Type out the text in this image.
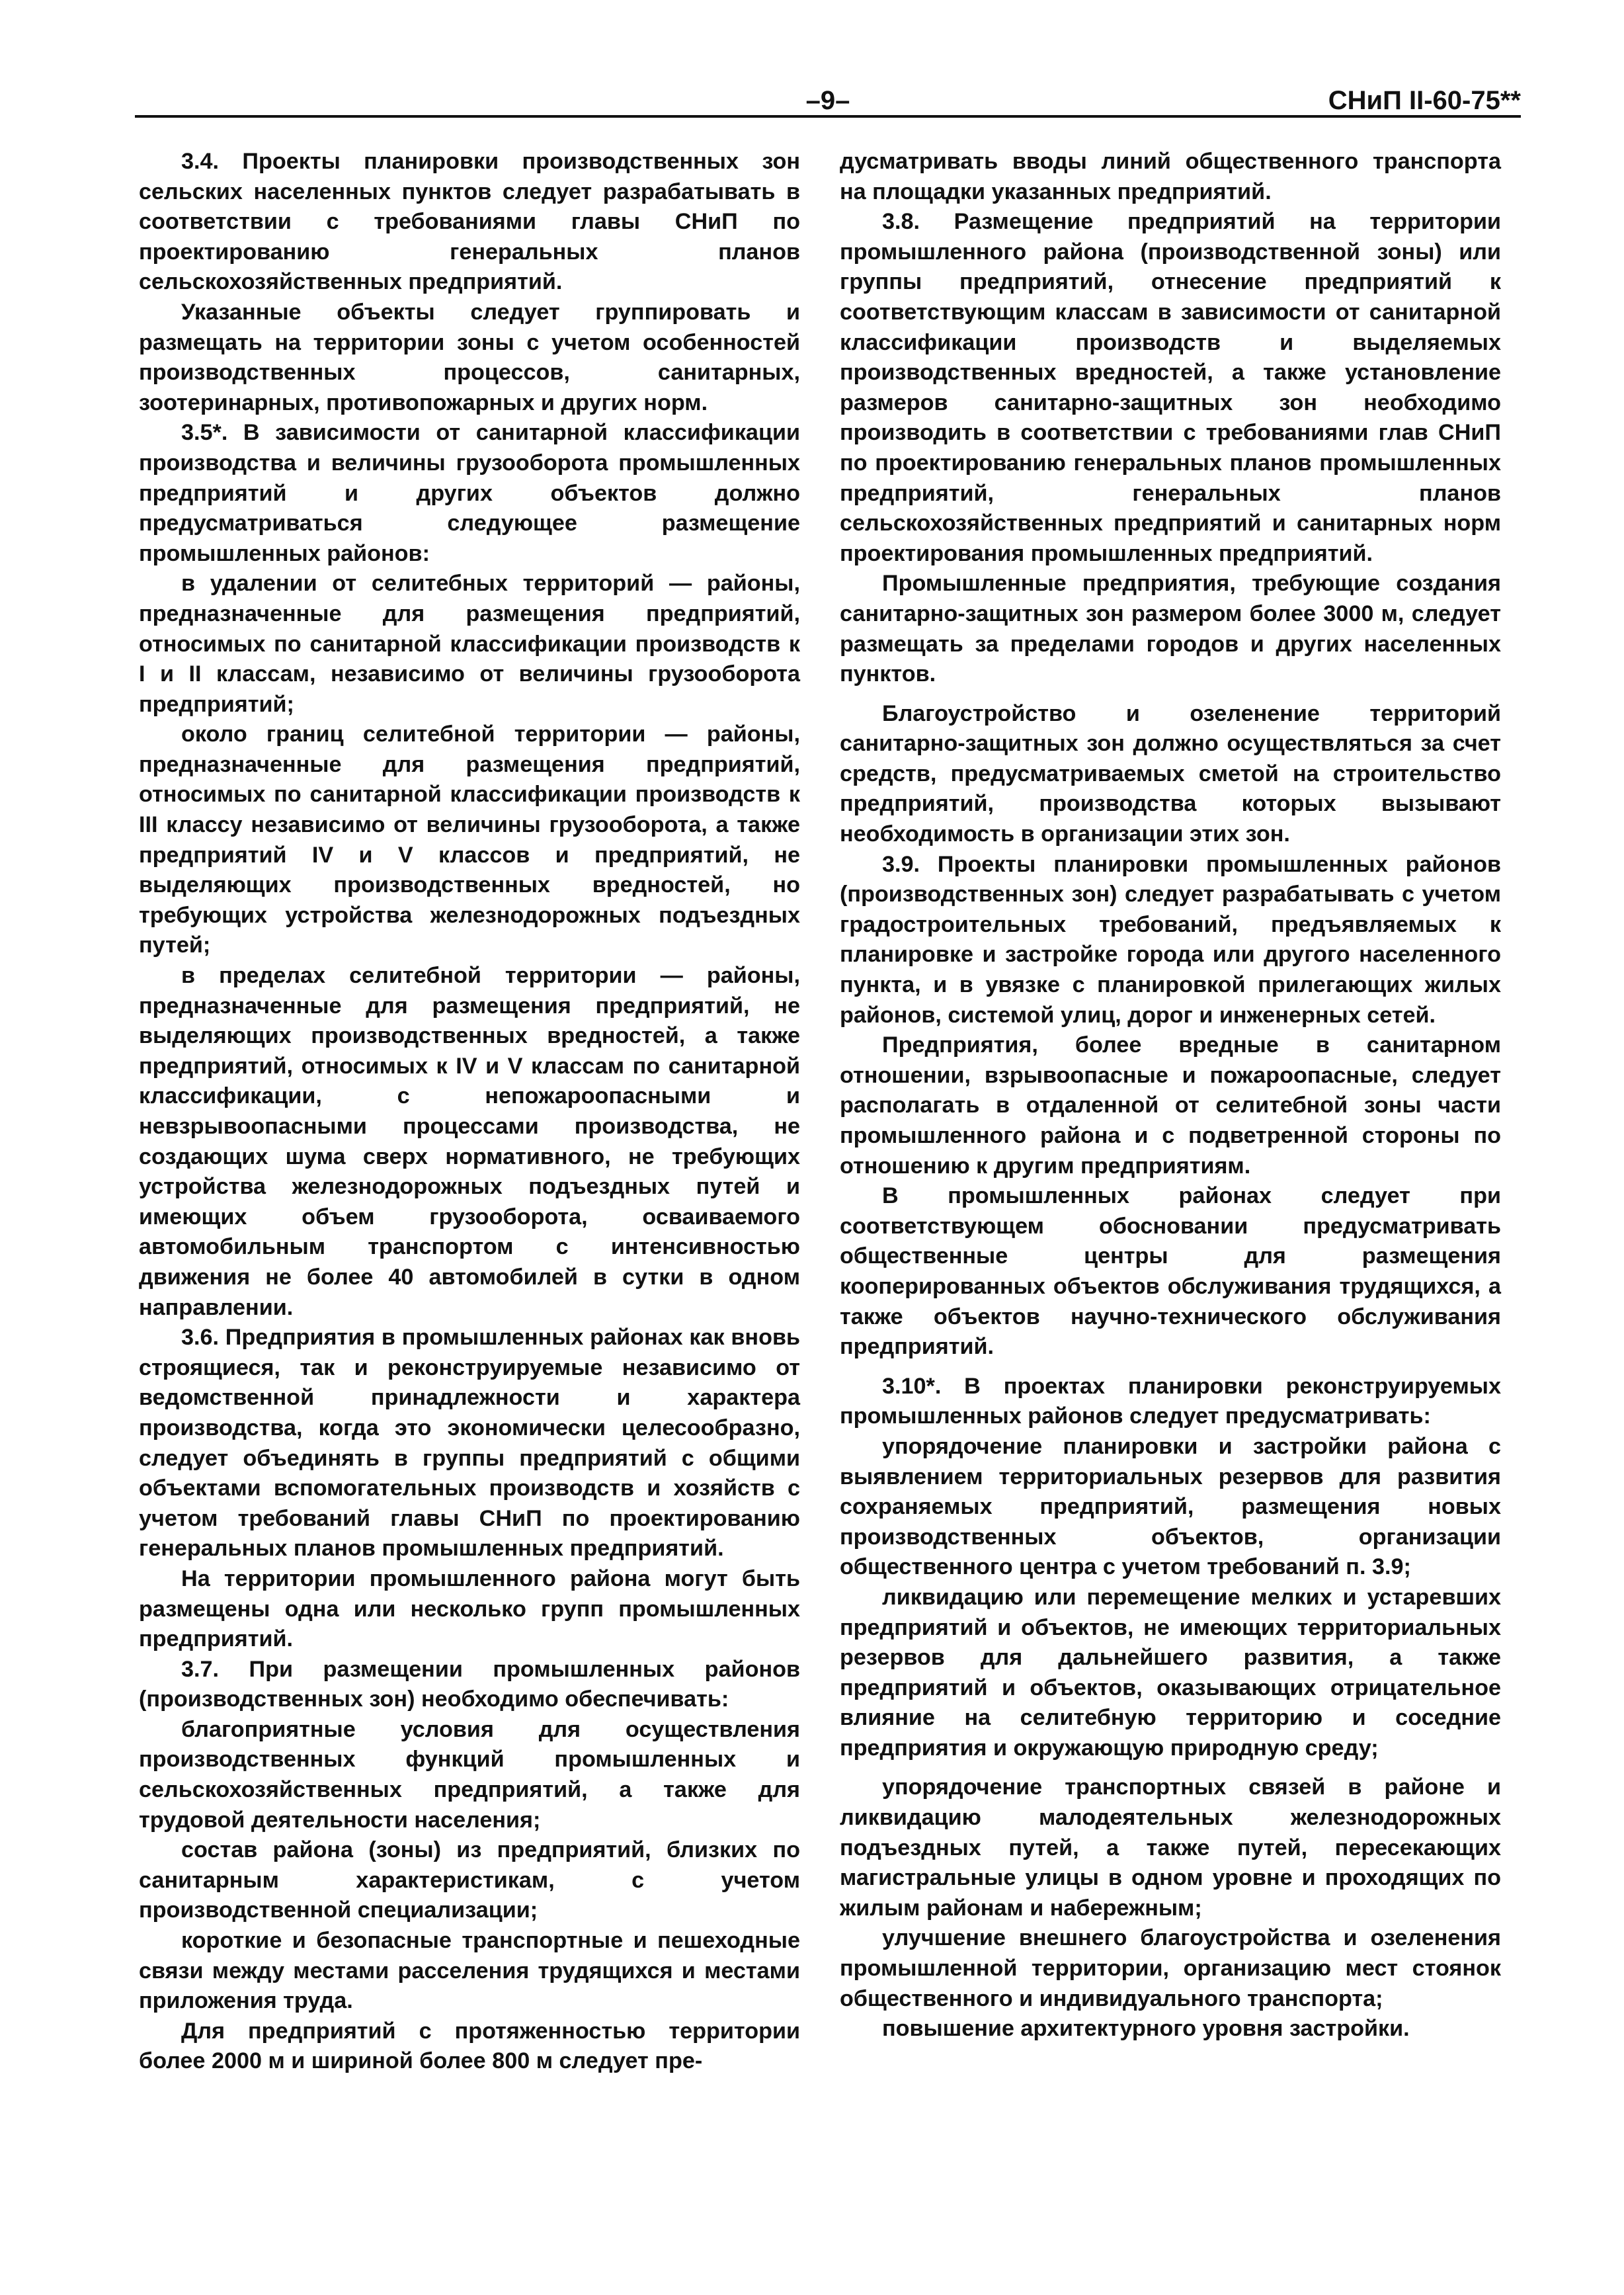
–9–	СНиП II-60-75**

3.4. Проекты планировки производственных зон сельских населенных пунктов следует разрабатывать в соответствии с требованиями главы СНиП по проектированию генеральных планов сельскохозяйственных предприятий.

Указанные объекты следует группировать и размещать на территории зоны с учетом особенностей производственных процессов, санитарных, зоотеринарных, противопожарных и других норм.

3.5*. В зависимости от санитарной классификации производства и величины грузооборота промышленных предприятий и других объектов должно предусматриваться следующее размещение промышленных районов:

в удалении от селитебных территорий — районы, предназначенные для размещения предприятий, относимых по санитарной классификации производств к I и II классам, независимо от величины грузооборота предприятий;

около границ селитебной территории — районы, предназначенные для размещения предприятий, относимых по санитарной классификации производств к III классу независимо от величины грузооборота, а также предприятий IV и V классов и предприятий, не выделяющих производственных вредностей, но требующих устройства железнодорожных подъездных путей;

в пределах селитебной территории — районы, предназначенные для размещения предприятий, не выделяющих производственных вредностей, а также предприятий, относимых к IV и V классам по санитарной классификации, с непожароопасными и невзрывоопасными процессами производства, не создающих шума сверх нормативного, не требующих устройства железнодорожных подъездных путей и имеющих объем грузооборота, осваиваемого автомобильным транспортом с интенсивностью движения не более 40 автомобилей в сутки в одном направлении.

3.6. Предприятия в промышленных районах как вновь строящиеся, так и реконструируемые независимо от ведомственной принадлежности и характера производства, когда это экономически целесообразно, следует объединять в группы предприятий с общими объектами вспомогательных производств и хозяйств с учетом требований главы СНиП по проектированию генеральных планов промышленных предприятий.

На территории промышленного района могут быть размещены одна или несколько групп промышленных предприятий.

3.7. При размещении промышленных районов (производственных зон) необходимо обеспечивать:

благоприятные условия для осуществления производственных функций промышленных и сельскохозяйственных предприятий, а также для трудовой деятельности населения;

состав района (зоны) из предприятий, близких по санитарным характеристикам, с учетом производственной специализации;

короткие и безопасные транспортные и пешеходные связи между местами расселения трудящихся и местами приложения труда.

Для предприятий с протяженностью территории более 2000 м и шириной более 800 м следует пре-

дусматривать вводы линий общественного транспорта на площадки указанных предприятий.

3.8. Размещение предприятий на территории промышленного района (производственной зоны) или группы предприятий, отнесение предприятий к соответствующим классам в зависимости от санитарной классификации производств и выделяемых производственных вредностей, а также установление размеров санитарно-защитных зон необходимо производить в соответствии с требованиями глав СНиП по проектированию генеральных планов промышленных предприятий, генеральных планов сельскохозяйственных предприятий и санитарных норм проектирования промышленных предприятий.

Промышленные предприятия, требующие создания санитарно-защитных зон размером более 3000 м, следует размещать за пределами городов и других населенных пунктов.

Благоустройство и озеленение территорий санитарно-защитных зон должно осуществляться за счет средств, предусматриваемых сметой на строительство предприятий, производства которых вызывают необходимость в организации этих зон.

3.9. Проекты планировки промышленных районов (производственных зон) следует разрабатывать с учетом градостроительных требований, предъявляемых к планировке и застройке города или другого населенного пункта, и в увязке с планировкой прилегающих жилых районов, системой улиц, дорог и инженерных сетей.

Предприятия, более вредные в санитарном отношении, взрывоопасные и пожароопасные, следует располагать в отдаленной от селитебной зоны части промышленного района и с подветренной стороны по отношению к другим предприятиям.

В промышленных районах следует при соответствующем обосновании предусматривать общественные центры для размещения кооперированных объектов обслуживания трудящихся, а также объектов научно-технического обслуживания предприятий.

3.10*. В проектах планировки реконструируемых промышленных районов следует предусматривать:

упорядочение планировки и застройки района с выявлением территориальных резервов для развития сохраняемых предприятий, размещения новых производственных объектов, организации общественного центра с учетом требований п. 3.9;

ликвидацию или перемещение мелких и устаревших предприятий и объектов, не имеющих территориальных резервов для дальнейшего развития, а также предприятий и объектов, оказывающих отрицательное влияние на селитебную территорию и соседние предприятия и окружающую природную среду;

упорядочение транспортных связей в районе и ликвидацию малодеятельных железнодорожных подъездных путей, а также путей, пересекающих магистральные улицы в одном уровне и проходящих по жилым районам и набережным;

улучшение внешнего благоустройства и озеленения промышленной территории, организацию мест стоянок общественного и индивидуального транспорта;

повышение архитектурного уровня застройки.
